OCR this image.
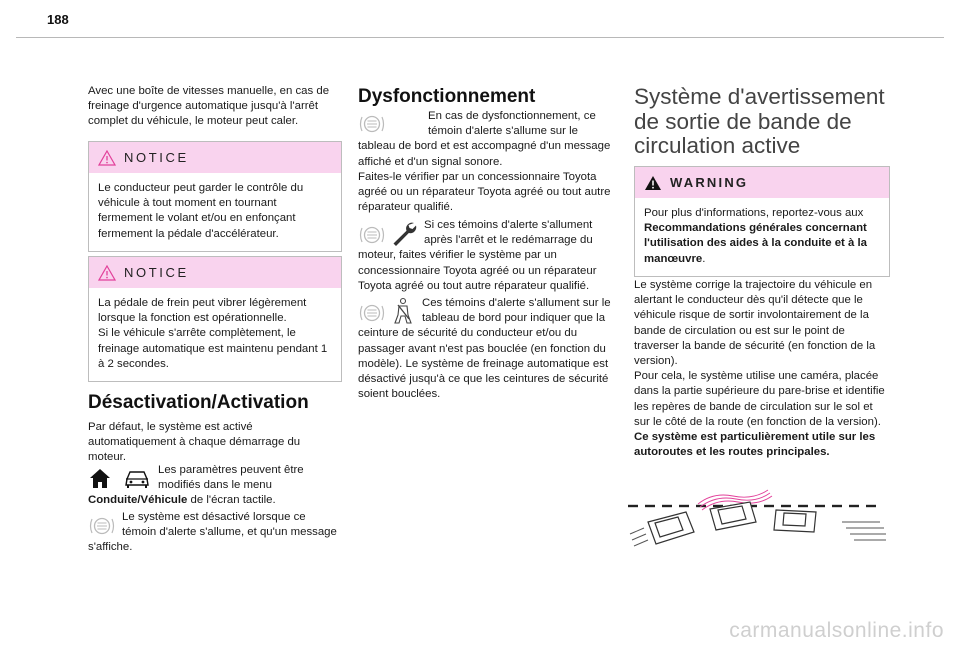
188

Avec une boîte de vitesses manuelle, en cas de freinage d'urgence automatique jusqu'à l'arrêt complet du véhicule, le moteur peut caler.

NOTICE
Le conducteur peut garder le contrôle du véhicule à tout moment en tournant fermement le volant et/ou en enfonçant fermement la pédale d'accélérateur.
NOTICE
La pédale de frein peut vibrer légèrement lorsque la fonction est opérationnelle.
Si le véhicule s'arrête complètement, le freinage automatique est maintenu pendant 1 à 2 secondes.
Désactivation/Activation

Par défaut, le système est activé automatiquement à chaque démarrage du moteur.

Les paramètres peuvent être modifiés dans le menu
Conduite/Véhicule de l'écran tactile.

Le système est désactivé lorsque ce témoin d'alerte s'allume, et qu'un message s'affiche.

Dysfonctionnement

En cas de dysfonctionnement, ce témoin d'alerte s'allume sur le tableau de bord et est accompagné d'un message affiché et d'un signal sonore.

Faites-le vérifier par un concessionnaire Toyota agréé ou un réparateur Toyota agréé ou tout autre réparateur qualifié.

Si ces témoins d'alerte s'allument après l'arrêt et le redémarrage du moteur, faites vérifier le système par un concessionnaire Toyota agréé ou un réparateur Toyota agréé ou tout autre réparateur qualifié.

Ces témoins d'alerte s'allument sur le tableau de bord pour indiquer que la ceinture de sécurité du conducteur et/ou du passager avant n'est pas bouclée (en fonction du modèle). Le système de freinage automatique est désactivé jusqu'à ce que les ceintures de sécurité soient bouclées.

Système d'avertissement de sortie de bande de circulation active
WARNING
Pour plus d'informations, reportez-vous aux Recommandations générales concernant l'utilisation des aides à la conduite et à la manœuvre.

Le système corrige la trajectoire du véhicule en alertant le conducteur dès qu'il détecte que le véhicule risque de sortir involontairement de la bande de circulation ou est sur le point de traverser la bande de sécurité (en fonction de la version).

Pour cela, le système utilise une caméra, placée dans la partie supérieure du pare-brise et identifie les repères de bande de circulation sur le sol et sur le côté de la route (en fonction de la version).

Ce système est particulièrement utile sur les autoroutes et les routes principales.

carmanualsonline.info
